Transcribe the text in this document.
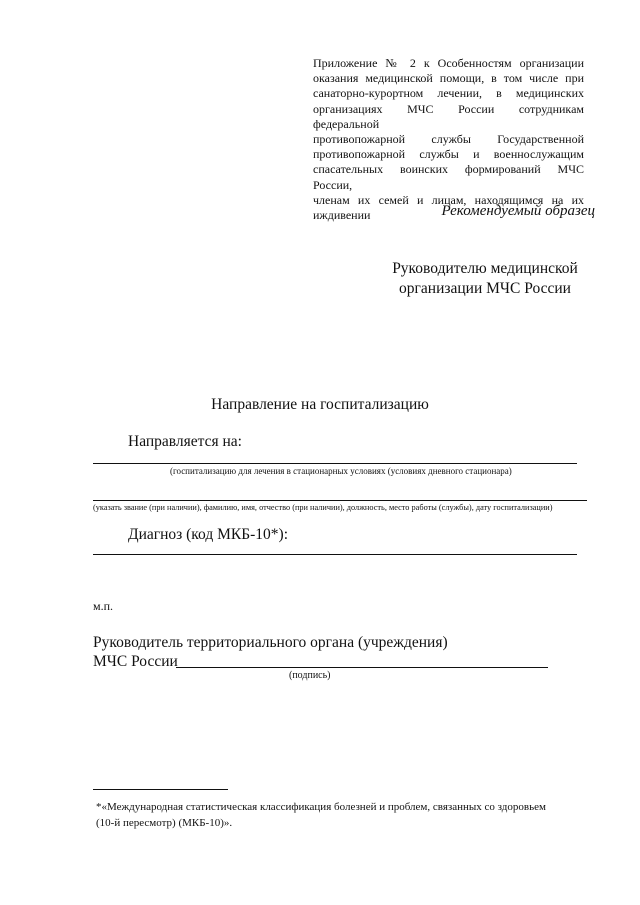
Приложение № 2 к Особенностям организации
оказания медицинской помощи, в том числе при
санаторно-курортном лечении, в медицинских
организациях МЧС России сотрудникам федеральной
противопожарной службы Государственной
противопожарной службы и военнослужащим
спасательных воинских формирований МЧС России,
членам их семей и лицам, находящимся на их
иждивении	Рекомендуемый образец
Руководителю медицинской
организации МЧС России
Направление на госпитализацию
Направляется на:
(госпитализацию для лечения в стационарных условиях (условиях дневного стационара)
(указать звание (при наличии), фамилию, имя, отчество (при наличии), должность, место работы (службы), дату госпитализации)
Диагноз (код МКБ-10*):
м.п.
Руководитель территориального органа (учреждения)
МЧС России
(подпись)
*«Международная статистическая классификация болезней и проблем, связанных со здоровьем
(10-й пересмотр) (МКБ-10)».
